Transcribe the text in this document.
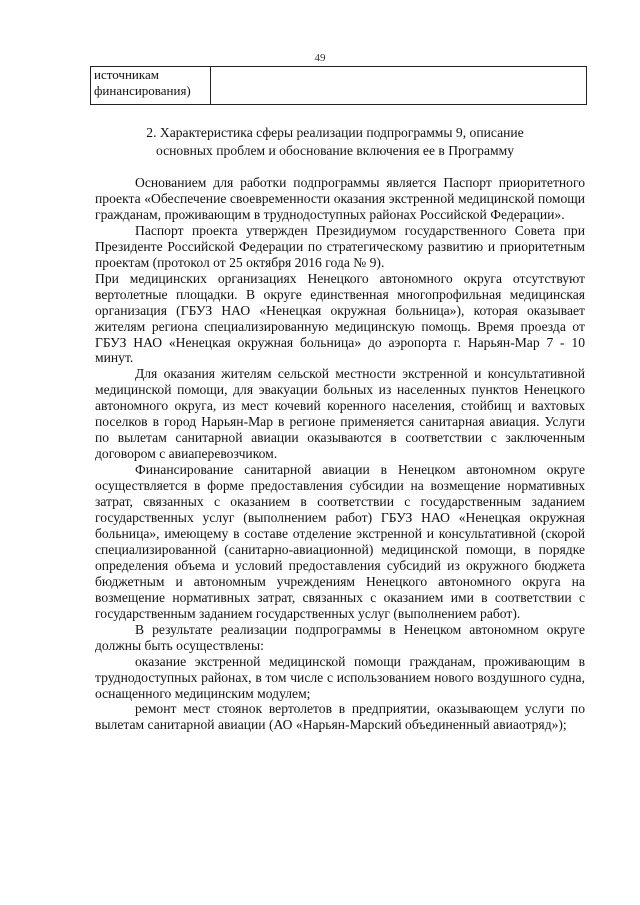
49
источникам
финансирования)

2. Характеристика сферы реализации подпрограммы 9, описание
основных проблем и обоснование включения ее в Программу

Основанием для работки подпрограммы является Паспорт приоритетного проекта «Обеспечение своевременности оказания экстренной медицинской помощи гражданам, проживающим в труднодоступных районах Российской Федерации».

Паспорт проекта утвержден Президиумом государственного Совета при Президенте Российской Федерации по стратегическому развитию и приоритетным проектам (протокол от 25 октября 2016 года № 9).

При медицинских организациях Ненецкого автономного округа отсутствуют вертолетные площадки. В округе единственная многопрофильная медицинская организация (ГБУЗ НАО «Ненецкая окружная больница»), которая оказывает жителям региона специализированную медицинскую помощь. Время проезда от ГБУЗ НАО «Ненецкая окружная больница» до аэропорта г. Нарьян-Мар 7 - 10 минут.

Для оказания жителям сельской местности экстренной и консультативной медицинской помощи, для эвакуации больных из населенных пунктов Ненецкого автономного округа, из мест кочевий коренного населения, стойбищ и вахтовых поселков в город Нарьян-Мар в регионе применяется санитарная авиация. Услуги по вылетам санитарной авиации оказываются в соответствии с заключенным договором с авиаперевозчиком.

Финансирование санитарной авиации в Ненецком автономном округе осуществляется в форме предоставления субсидии на возмещение нормативных затрат, связанных с оказанием в соответствии с государственным заданием государственных услуг (выполнением работ) ГБУЗ НАО «Ненецкая окружная больница», имеющему в составе отделение экстренной и консультативной (скорой специализированной (санитарно-авиационной) медицинской помощи, в порядке определения объема и условий предоставления субсидий из окружного бюджета бюджетным и автономным учреждениям Ненецкого автономного округа на возмещение нормативных затрат, связанных с оказанием ими в соответствии с государственным заданием государственных услуг (выполнением работ).

В результате реализации подпрограммы в Ненецком автономном округе должны быть осуществлены:

оказание экстренной медицинской помощи гражданам, проживающим в труднодоступных районах, в том числе с использованием нового воздушного судна, оснащенного медицинским модулем;

ремонт мест стоянок вертолетов в предприятии, оказывающем услуги по вылетам санитарной авиации (АО «Нарьян-Марский объединенный авиаотряд»);
